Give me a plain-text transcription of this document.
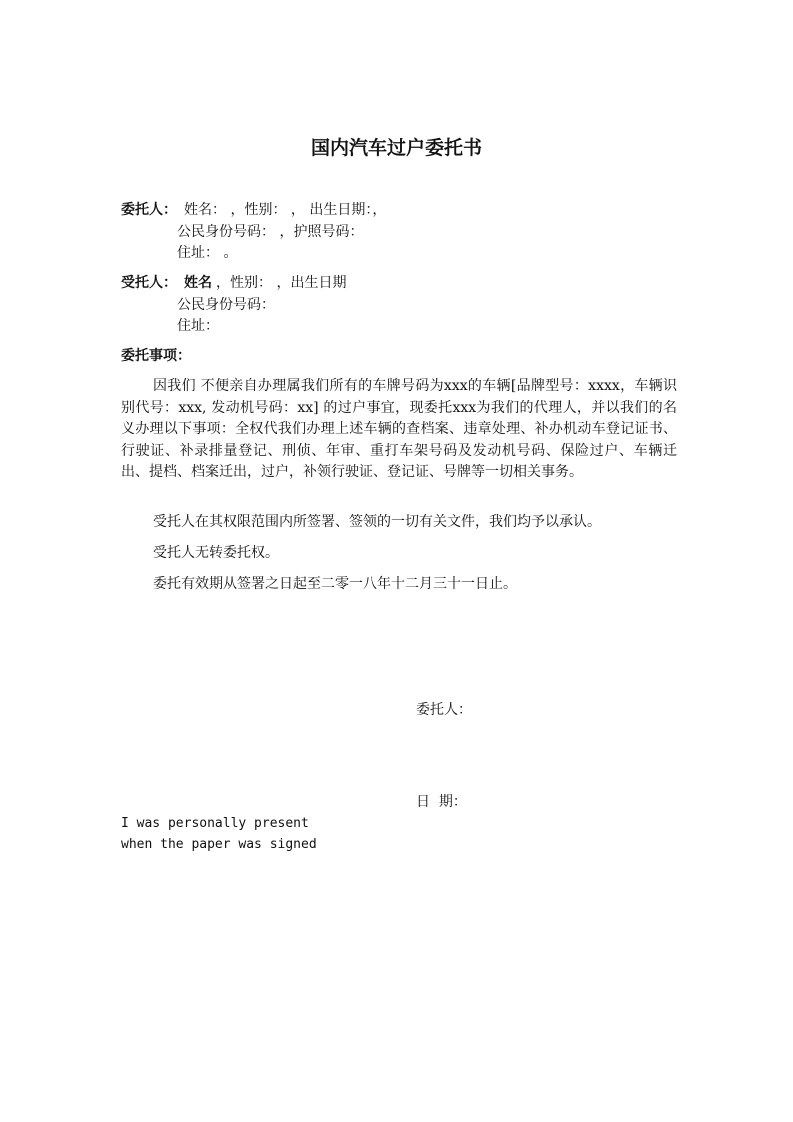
国内汽车过户委托书
委托人： 姓名： ，性别： ， 出生日期：，
公民身份号码： ，护照号码：
住址： 。
受托人： 姓名 ，性别： ，出生日期
公民身份号码：
住址：
委托事项：
因我们 不便亲自办理属我们所有的车牌号码为xxx的车辆[品牌型号：xxxx，车辆识别代号：xxx, 发动机号码：xx] 的过户事宜，现委托xxx为我们的代理人，并以我们的名义办理以下事项：全权代我们办理上述车辆的查档案、违章处理、补办机动车登记证书、行驶证、补录排量登记、刑侦、年审、重打车架号码及发动机号码、保险过户、车辆迁出、提档、档案迁出，过户，补领行驶证、登记证、号牌等一切相关事务。
受托人在其权限范围内所签署、签领的一切有关文件，我们均予以承认。
受托人无转委托权。
委托有效期从签署之日起至二零一八年十二月三十一日止。
委托人：
日  期：
I was personally present
when the paper was signed
